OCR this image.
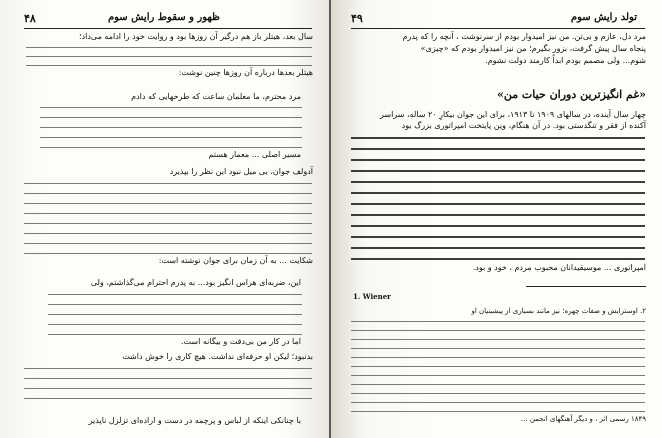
۴۸	ظهور و سقوط رایش سوم
سال بعد، هیتلر باز هم درگیر آن روزها بود و روایت خود را ادامه می‌داد؛
هیتلر بعدها درباره آن روزها چنین نوشت:
مرد محترم، ما معلمان ساعت که طرحهایی که دادم
مسیر اصلی ... معمار هستم
آدولف جوان، بی میل نبود این نظر را بپذیرد
شکایت ... به آن زمان برای جوان نوشته است:
این، ضربه‌ای هراس انگیز بود... به پدرم احترام می‌گذاشتم، ولی
اما در کار من بی‌دقت و بیگانه است.
بدنبود؛ لیکن او حرفه‌ای نداشت. هیچ کاری را خوش داشت
با چنانکی اینکه از لباس و پرچمه در دست و اراده‌ای تزلزل ناپذیر
۴۹	تولد رایش سوم
مرد دل، عازم و بی‌تن. من نیز امیدوار بودم از سرنوشت ، آنچه را که پدرم
پنجاه سال پیش گرفت، بزور بگیرم؛ من نیز امیدوار بودم که «چیزی»
شوم... ولی مصمم بودم ابداً کارمند دولت نشوم.
«غم انگیزترین دوران حیات من»
چهار سال آینده، در سالهای ۱۹۰۹ تا ۱۹۱۳، برای این جوان بیکارِ ۲۰ ساله، سراسر
آکنده از فقر و تنگدستی بود. در آن هنگام، وین پایتخت امپراتوری بزرگ بود
امپراتوری ... موسیقیدانان محبوب مردم ، خود و بود.
1. Wiener
۲. اوسترایش و صفات چهره؛ نیز مانند بسیاری از پیشینیان او
۱۸۴۹ رسمی اثر ، و دیگر آهنگهای انجمن ...
